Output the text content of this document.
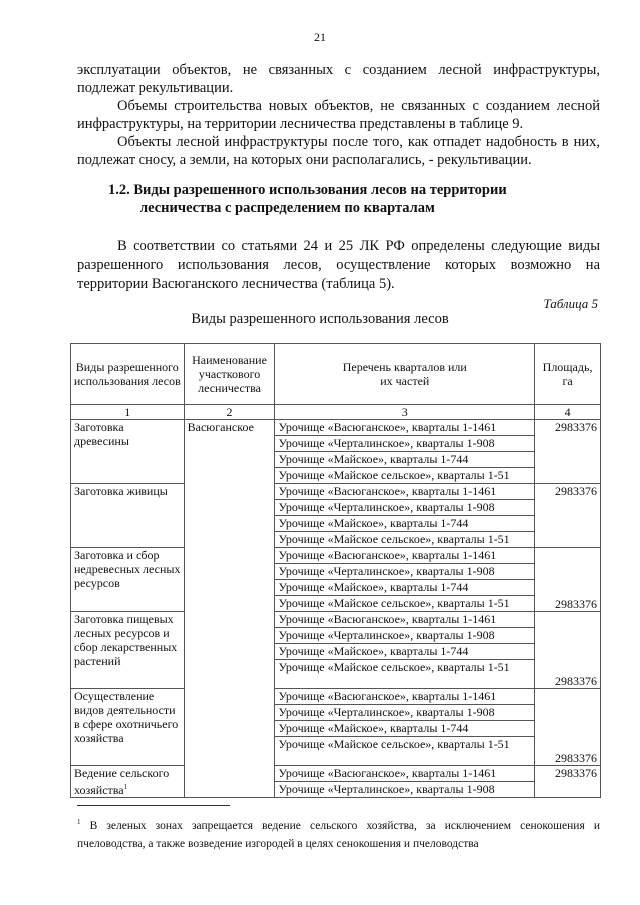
21

эксплуатации объектов, не связанных с созданием лесной инфраструктуры, подлежат рекультивации.

Объемы строительства новых объектов, не связанных с созданием лесной инфраструктуры, на территории лесничества представлены в таблице 9.

Объекты лесной инфраструктуры после того, как отпадет надобность в них, подлежат сносу, а земли, на которых они располагались, - рекультивации.

1.2. Виды разрешенного использования лесов на территории
лесничества с распределением по кварталам

В соответствии со статьями 24 и 25 ЛК РФ определены следующие виды разрешенного использования лесов, осуществление которых возможно на территории Васюганского лесничества (таблица 5).

Таблица 5
Виды разрешенного использования лесов
Виды разрешенного использования лесов	Наименование участкового лесничества	Перечень кварталов или их частей	Площадь, га
1	2	3	4
Заготовка древесины	Васюганское	Урочище «Васюганское», кварталы 1-1461	2983376
		Урочище «Черталинское», кварталы 1-908	
		Урочище «Майское», кварталы 1-744	
		Урочище «Майское сельское», кварталы 1-51	
Заготовка живицы		Урочище «Васюганское», кварталы 1-1461	2983376
		Урочище «Черталинское», кварталы 1-908	
		Урочище «Майское», кварталы 1-744	
		Урочище «Майское сельское», кварталы 1-51	
Заготовка и сбор недревесных лесных ресурсов		Урочище «Васюганское», кварталы 1-1461	2983376
		Урочище «Черталинское», кварталы 1-908	
		Урочище «Майское», кварталы 1-744	
		Урочище «Майское сельское», кварталы 1-51	
Заготовка пищевых лесных ресурсов и сбор лекарственных растений		Урочище «Васюганское», кварталы 1-1461	2983376
		Урочище «Черталинское», кварталы 1-908	
		Урочище «Майское», кварталы 1-744	
		Урочище «Майское сельское», кварталы 1-51	
Осуществление видов деятельности в сфере охотничьего хозяйства		Урочище «Васюганское», кварталы 1-1461	2983376
		Урочище «Черталинское», кварталы 1-908	
		Урочище «Майское», кварталы 1-744	
		Урочище «Майское сельское», кварталы 1-51	
Ведение сельского хозяйства$^1$		Урочище «Васюганское», кварталы 1-1461	2983376
		Урочище «Черталинское», кварталы 1-908	

$^1$ В зеленых зонах запрещается ведение сельского хозяйства, за исключением сенокошения и пчеловодства, а также возведение изгородей в целях сенокошения и пчеловодства
